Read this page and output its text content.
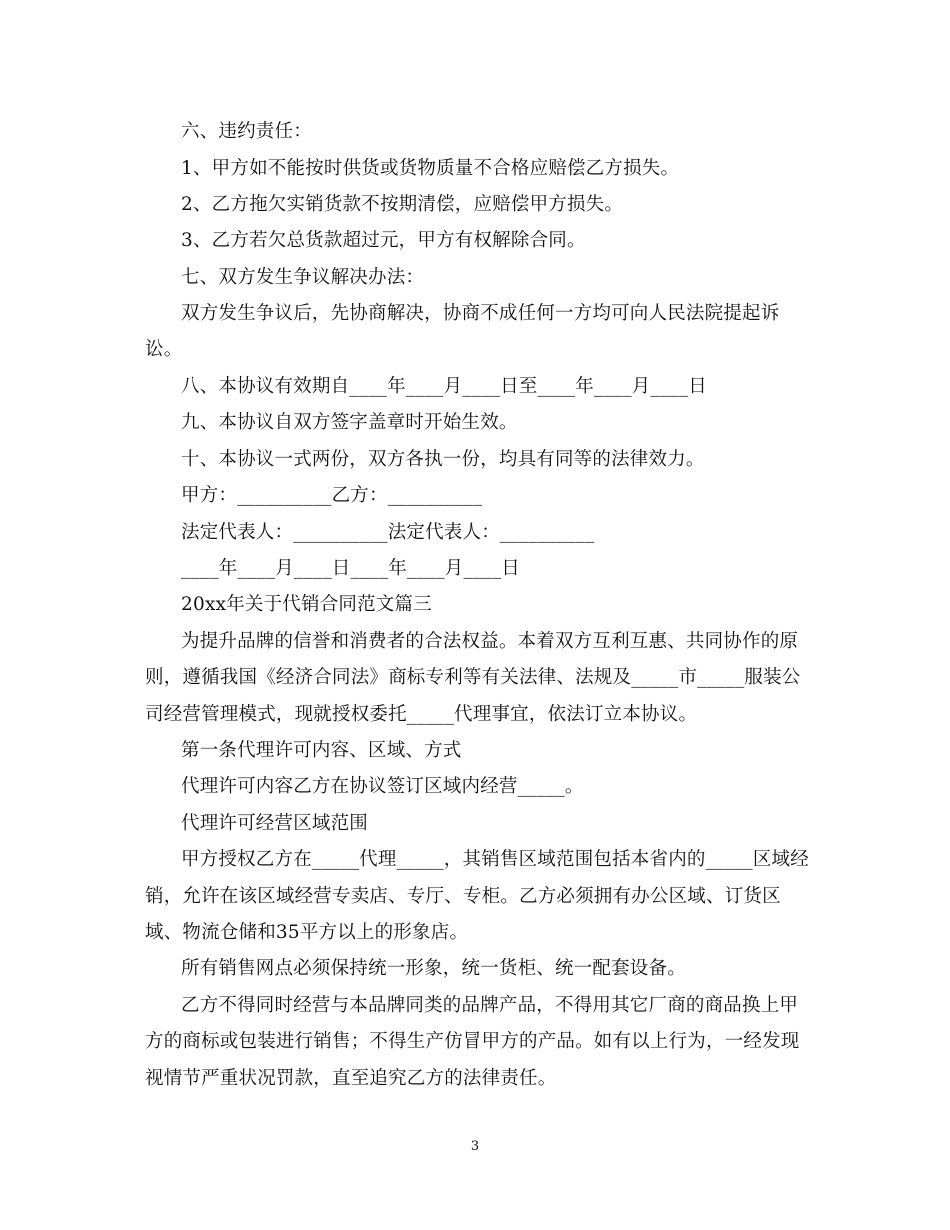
六、违约责任：
1、甲方如不能按时供货或货物质量不合格应赔偿乙方损失。
2、乙方拖欠实销货款不按期清偿，应赔偿甲方损失。
3、乙方若欠总货款超过元，甲方有权解除合同。
七、双方发生争议解决办法：
双方发生争议后，先协商解决，协商不成任何一方均可向人民法院提起诉
讼。
八、本协议有效期自____年____月____日至____年____月____日
九、本协议自双方签字盖章时开始生效。
十、本协议一式两份，双方各执一份，均具有同等的法律效力。
甲方：__________乙方：__________
法定代表人：__________法定代表人：__________
____年____月____日____年____月____日
20xx年关于代销合同范文篇三
为提升品牌的信誉和消费者的合法权益。本着双方互利互惠、共同协作的原
则，遵循我国《经济合同法》商标专利等有关法律、法规及_____市_____服装公
司经营管理模式，现就授权委托_____代理事宜，依法订立本协议。
第一条代理许可内容、区域、方式
代理许可内容乙方在协议签订区域内经营_____。
代理许可经营区域范围
甲方授权乙方在_____代理_____，其销售区域范围包括本省内的_____区域经
销，允许在该区域经营专卖店、专厅、专柜。乙方必须拥有办公区域、订货区
域、物流仓储和35平方以上的形象店。
所有销售网点必须保持统一形象，统一货柜、统一配套设备。
乙方不得同时经营与本品牌同类的品牌产品，不得用其它厂商的商品换上甲
方的商标或包装进行销售；不得生产仿冒甲方的产品。如有以上行为，一经发现
视情节严重状况罚款，直至追究乙方的法律责任。
3
